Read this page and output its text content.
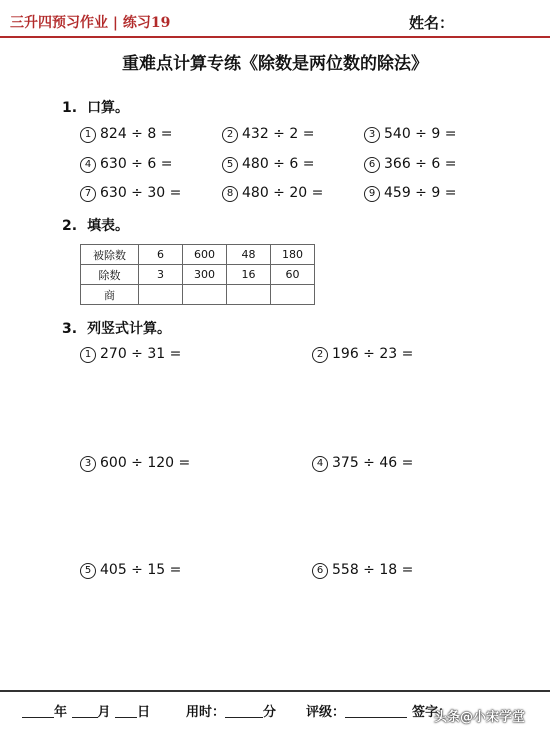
三升四预习作业 | 练习19	姓名：
重难点计算专练《除数是两位数的除法》
1. 口算。
1 824 ÷ 8 =	2 432 ÷ 2 =	3 540 ÷ 9 =
4 630 ÷ 6 =	5 480 ÷ 6 =	6 366 ÷ 6 =
7 630 ÷ 30 =	8 480 ÷ 20 =	9 459 ÷ 9 =
2. 填表。
被除数	6	600	48	180
除数	3	300	16	60
商				
3. 列竖式计算。
1 270 ÷ 31 =	2 196 ÷ 23 =
3 600 ÷ 120 =	4 375 ÷ 46 =
5 405 ÷ 15 =	6 558 ÷ 18 =
年 月 日	用时：	分 评级：	签字：
头条@小宋学堂
